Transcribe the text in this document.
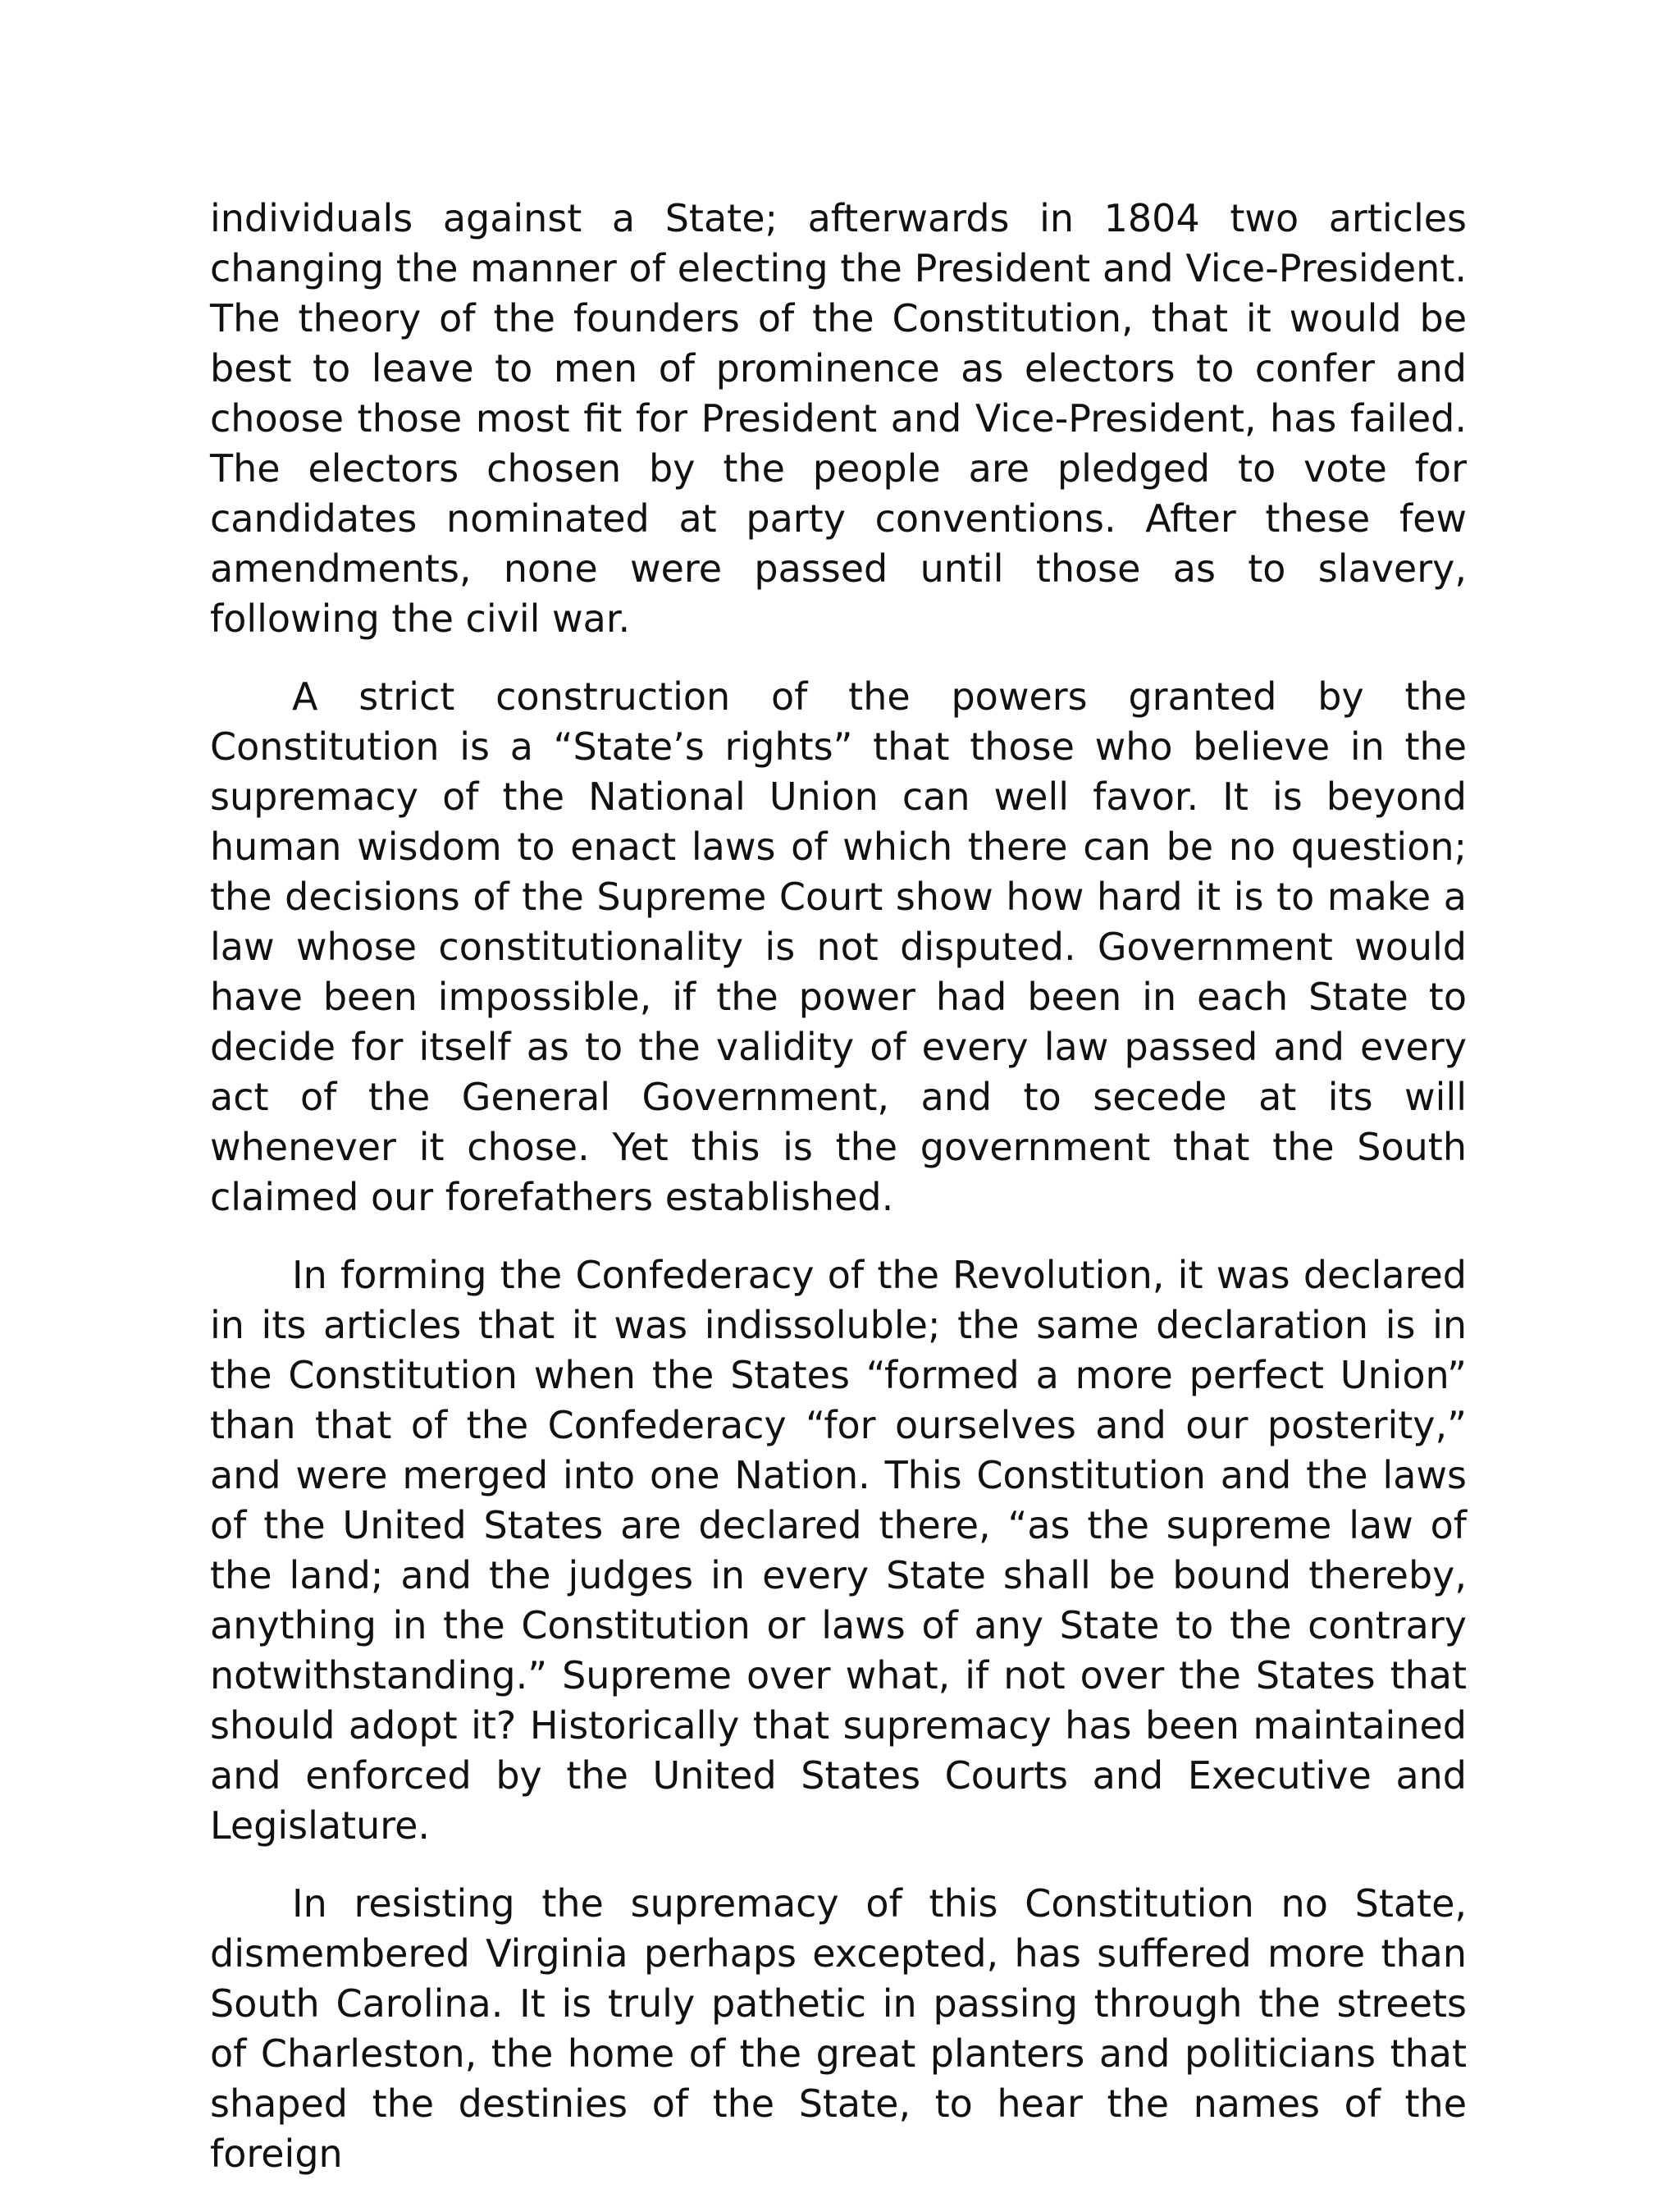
individuals against a State; afterwards in 1804 two articles changing the manner of electing the President and Vice-President. The theory of the founders of the Constitution, that it would be best to leave to men of prominence as electors to confer and choose those most fit for President and Vice-President, has failed. The electors chosen by the people are pledged to vote for candidates nominated at party conventions. After these few amendments, none were passed until those as to slavery, following the civil war.

A strict construction of the powers granted by the Constitution is a “State’s rights” that those who believe in the supremacy of the National Union can well favor. It is beyond human wisdom to enact laws of which there can be no question; the decisions of the Supreme Court show how hard it is to make a law whose constitutionality is not disputed. Government would have been impossible, if the power had been in each State to decide for itself as to the validity of every law passed and every act of the General Government, and to secede at its will whenever it chose. Yet this is the government that the South claimed our forefathers established.

In forming the Confederacy of the Revolution, it was declared in its articles that it was indissoluble; the same declaration is in the Constitution when the States “formed a more perfect Union” than that of the Confederacy “for ourselves and our posterity,” and were merged into one Nation. This Constitution and the laws of the United States are declared there, “as the supreme law of the land; and the judges in every State shall be bound thereby, anything in the Constitution or laws of any State to the contrary notwithstanding.” Supreme over what, if not over the States that should adopt it? Historically that supremacy has been maintained and enforced by the United States Courts and Executive and Legislature.

In resisting the supremacy of this Constitution no State, dismembered Virginia perhaps excepted, has suffered more than South Carolina. It is truly pathetic in passing through the streets of Charleston, the home of the great planters and politicians that shaped the destinies of the State, to hear the names of the foreign
